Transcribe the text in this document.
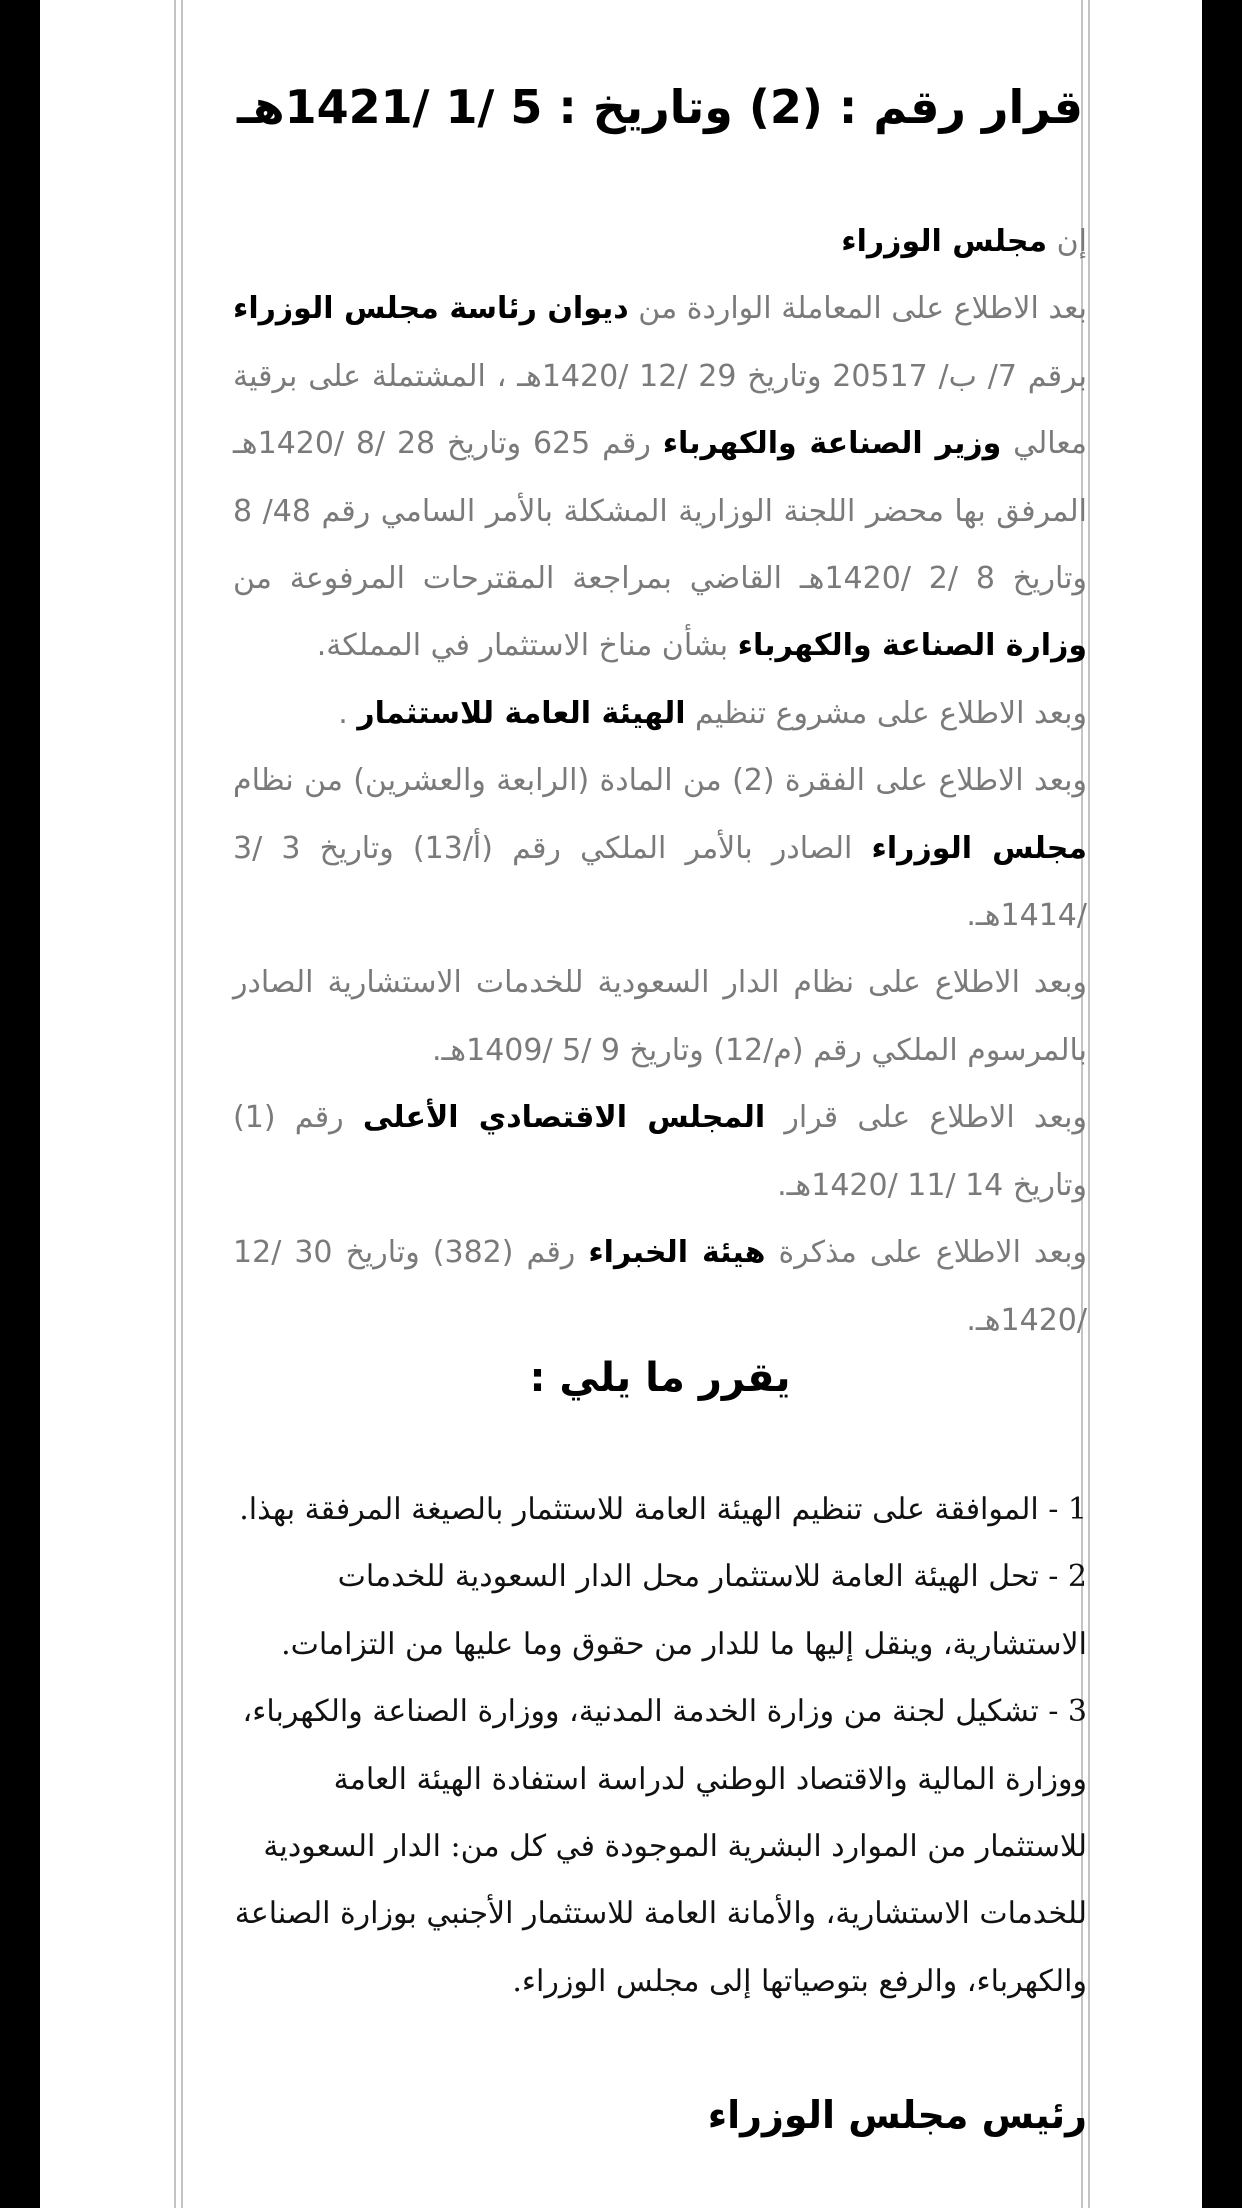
قرار رقم : (2) وتاريخ : 5 /1 /1421هـ

إن مجلس الوزراء

بعد الاطلاع على المعاملة الواردة من ديوان رئاسة مجلس الوزراء برقم 7/ ب/ 20517 وتاريخ 29 /12 /1420هـ ، المشتملة على برقية معالي وزير الصناعة والكهرباء رقم 625 وتاريخ 28 /8 /1420هـ المرفق بها محضر اللجنة الوزارية المشكلة بالأمر السامي رقم 48/ 8 وتاريخ 8 /2 /1420هـ القاضي بمراجعة المقترحات المرفوعة من وزارة الصناعة والكهرباء بشأن مناخ الاستثمار في المملكة.

وبعد الاطلاع على مشروع تنظيم الهيئة العامة للاستثمار .

وبعد الاطلاع على الفقرة (2) من المادة (الرابعة والعشرين) من نظام مجلس الوزراء الصادر بالأمر الملكي رقم (أ/13) وتاريخ 3 /3 /1414هـ.

وبعد الاطلاع على نظام الدار السعودية للخدمات الاستشارية الصادر بالمرسوم الملكي رقم (م/12) وتاريخ 9 /5 /1409هـ.

وبعد الاطلاع على قرار المجلس الاقتصادي الأعلى رقم (1) وتاريخ 14 /11 /1420هـ.

وبعد الاطلاع على مذكرة هيئة الخبراء رقم (382) وتاريخ 30 /12 /1420هـ.

يقرر ما يلي :

1 - الموافقة على تنظيم الهيئة العامة للاستثمار بالصيغة المرفقة بهذا.

2 - تحل الهيئة العامة للاستثمار محل الدار السعودية للخدمات الاستشارية، وينقل إليها ما للدار من حقوق وما عليها من التزامات.

3 - تشكيل لجنة من وزارة الخدمة المدنية، ووزارة الصناعة والكهرباء، ووزارة المالية والاقتصاد الوطني لدراسة استفادة الهيئة العامة للاستثمار من الموارد البشرية الموجودة في كل من: الدار السعودية للخدمات الاستشارية، والأمانة العامة للاستثمار الأجنبي بوزارة الصناعة والكهرباء، والرفع بتوصياتها إلى مجلس الوزراء.

رئيس مجلس الوزراء
